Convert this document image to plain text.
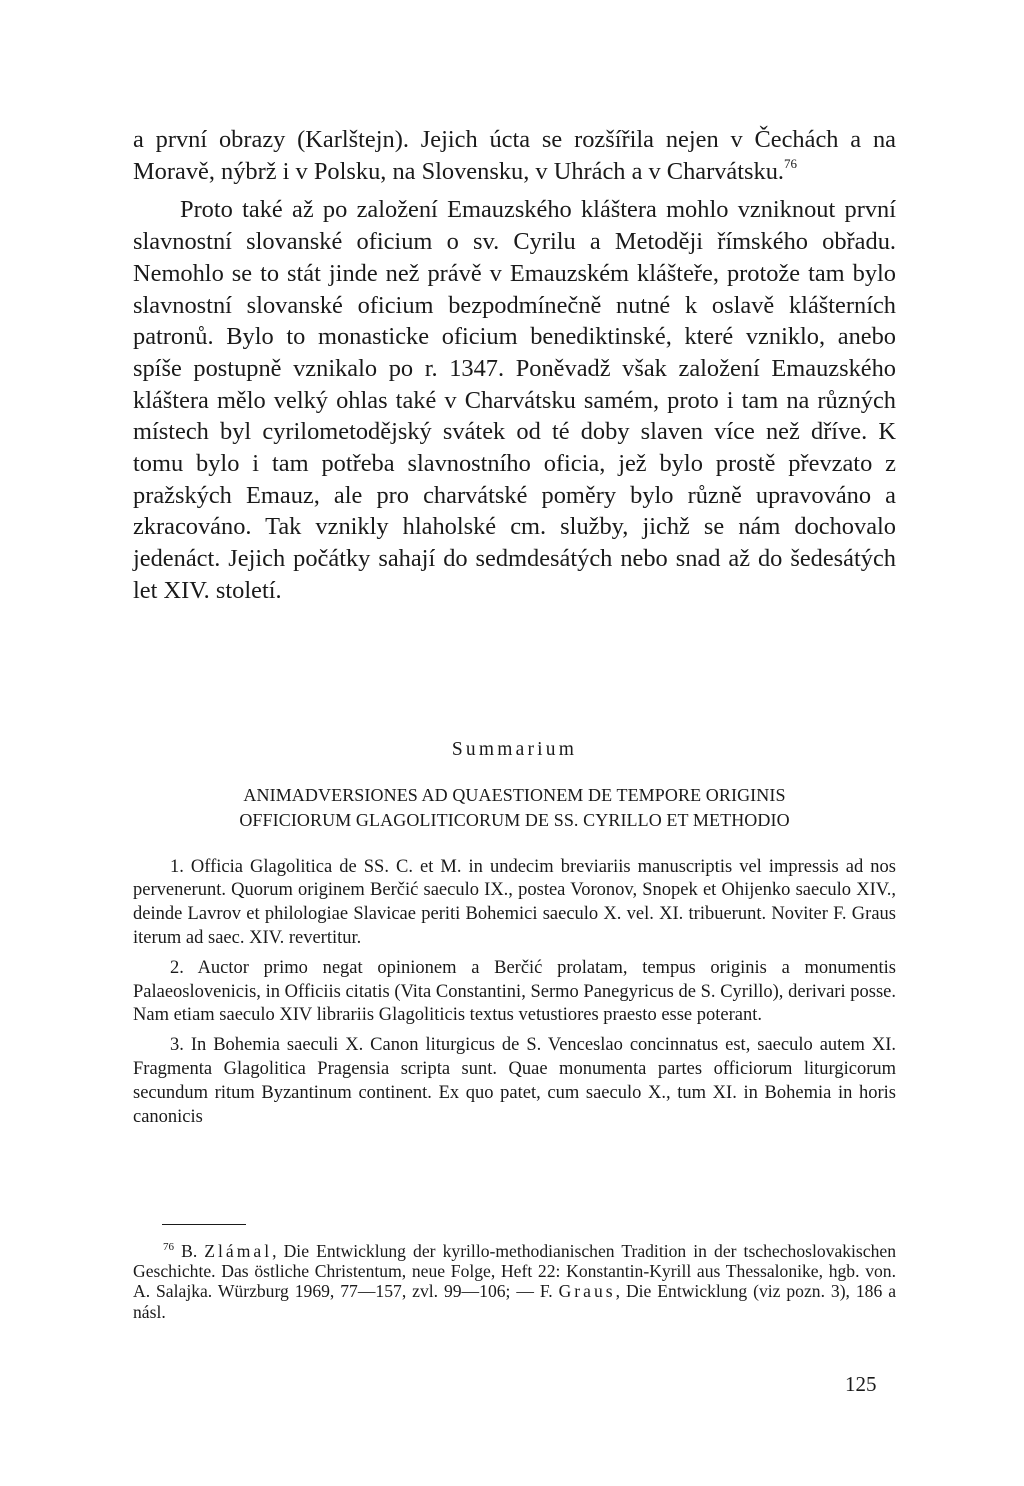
a první obrazy (Karlštejn). Jejich úcta se rozšířila nejen v Čechách a na Moravě, nýbrž i v Polsku, na Slovensku, v Uhrách a v Charvátsku.$^{76}$

Proto také až po založení Emauzského kláštera mohlo vzniknout první slavnostní slovanské oficium o sv. Cyrilu a Metoději římského obřadu. Nemohlo se to stát jinde než právě v Emauzském klášteře, protože tam bylo slavnostní slovanské oficium bezpodmínečně nutné k oslavě klášterních patronů. Bylo to monasticke oficium benediktinské, které vzniklo, anebo spíše postupně vznikalo po r. 1347. Poněvadž však založení Emauzského kláštera mělo velký ohlas také v Charvátsku samém, proto i tam na různých místech byl cyrilometodějský svátek od té doby slaven více než dříve. K tomu bylo i tam potřeba slavnostního oficia, jež bylo prostě převzato z pražských Emauz, ale pro charvátské poměry bylo různě upravováno a zkracováno. Tak vznikly hlaholské cm. služby, jichž se nám dochovalo jedenáct. Jejich počátky sahají do sedmdesátých nebo snad až do šedesátých let XIV. století.

Summarium

ANIMADVERSIONES AD QUAESTIONEM DE TEMPORE ORIGINIS

OFFICIORUM GLAGOLITICORUM DE SS. CYRILLO ET METHODIO

1. Officia Glagolitica de SS. C. et M. in undecim breviariis manuscriptis vel impressis ad nos pervenerunt. Quorum originem Berčić saeculo IX., postea Voronov, Snopek et Ohijenko saeculo XIV., deinde Lavrov et philologiae Slavicae periti Bohemici saeculo X. vel. XI. tribuerunt. Noviter F. Graus iterum ad saec. XIV. revertitur.

2. Auctor primo negat opinionem a Berčić prolatam, tempus originis a monumentis Palaeoslovenicis, in Officiis citatis (Vita Constantini, Sermo Panegyricus de S. Cyrillo), derivari posse. Nam etiam saeculo XIV librariis Glagoliticis textus vetustiores praesto esse poterant.

3. In Bohemia saeculi X. Canon liturgicus de S. Venceslao concinnatus est, saeculo autem XI. Fragmenta Glagolitica Pragensia scripta sunt. Quae monumenta partes officiorum liturgicorum secundum ritum Byzantinum continent. Ex quo patet, cum saeculo X., tum XI. in Bohemia in horis canonicis

$^{76}$ B. Zlámal, Die Entwicklung der kyrillo-methodianischen Tradition in der tschechoslovakischen Geschichte. Das östliche Christentum, neue Folge, Heft 22: Konstantin-Kyrill aus Thessalonike, hgb. von. A. Salajka. Würzburg 1969, 77—157, zvl. 99—106; — F. Graus, Die Entwicklung (viz pozn. 3), 186 a násl.

125
